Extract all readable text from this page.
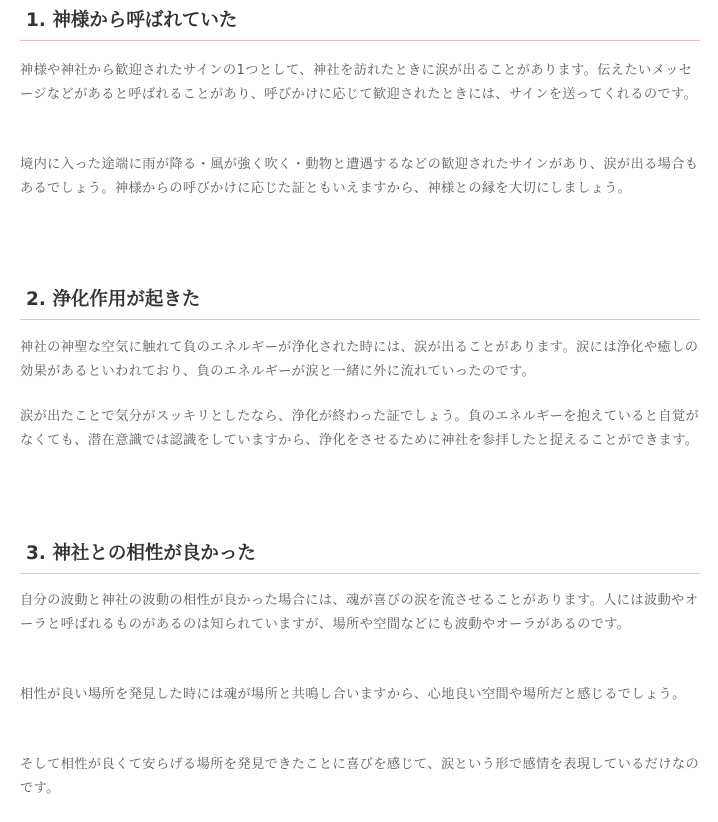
1. 神様から呼ばれていた

神様や神社から歓迎されたサインの1つとして、神社を訪れたときに涙が出ることがあります。伝えたいメッセージなどがあると呼ばれることがあり、呼びかけに応じて歓迎されたときには、サインを送ってくれるのです。

境内に入った途端に雨が降る・風が強く吹く・動物と遭遇するなどの歓迎されたサインがあり、涙が出る場合もあるでしょう。神様からの呼びかけに応じた証ともいえますから、神様との縁を大切にしましょう。

2. 浄化作用が起きた

神社の神聖な空気に触れて負のエネルギーが浄化された時には、涙が出ることがあります。涙には浄化や癒しの効果があるといわれており、負のエネルギーが涙と一緒に外に流れていったのです。

涙が出たことで気分がスッキリとしたなら、浄化が終わった証でしょう。負のエネルギーを抱えていると自覚がなくても、潜在意識では認識をしていますから、浄化をさせるために神社を参拝したと捉えることができます。

3. 神社との相性が良かった

自分の波動と神社の波動の相性が良かった場合には、魂が喜びの涙を流させることがあります。人には波動やオーラと呼ばれるものがあるのは知られていますが、場所や空間などにも波動やオーラがあるのです。

相性が良い場所を発見した時には魂が場所と共鳴し合いますから、心地良い空間や場所だと感じるでしょう。

そして相性が良くて安らげる場所を発見できたことに喜びを感じて、涙という形で感情を表現しているだけなのです。
